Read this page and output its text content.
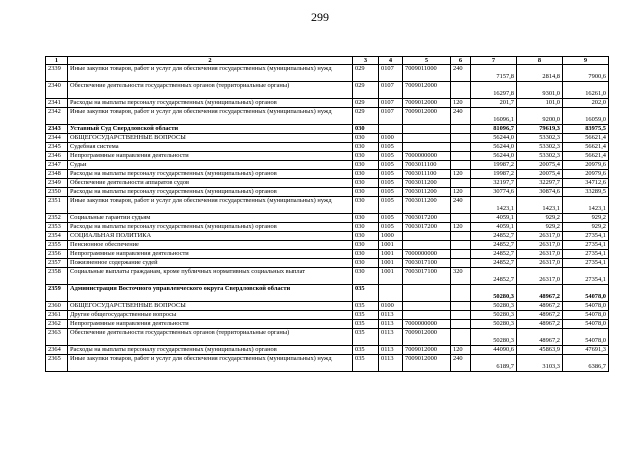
299
1	2	3	4	5	6	7	8	9
2339	Иные закупки товаров, работ и услуг для обеспечения государственных (муниципальных) нужд	029	0107	7009011000	240	7157,8	2814,8	7900,6
2340	Обеспечение деятельности государственных органов (территориальные органы)	029	0107	7009012000		16297,8	9301,0	16261,0
2341	Расходы на выплаты персоналу государственных (муниципальных) органов	029	0107	7009012000	120	201,7	101,0	202,0
2342	Иные закупки товаров, работ и услуг для обеспечения государственных (муниципальных) нужд	029	0107	7009012000	240	16096,1	9200,0	16059,0
2343	Уставный Суд Свердловской области	030				81096,7	79619,3	83975,5
2344	ОБЩЕГОСУДАРСТВЕННЫЕ ВОПРОСЫ	030	0100			56244,0	53302,3	56621,4
2345	Судебная система	030	0105			56244,0	53302,3	56621,4
2346	Непрограммные направления деятельности	030	0105	7000000000		56244,0	53302,3	56621,4
2347	Судьи	030	0105	7003011100		19987,2	20075,4	20979,6
2348	Расходы на выплаты персоналу государственных (муниципальных) органов	030	0105	7003011100	120	19987,2	20075,4	20979,6
2349	Обеспечение деятельности аппаратов судов	030	0105	7003011200		32197,7	32297,7	34712,6
2350	Расходы на выплаты персоналу государственных (муниципальных) органов	030	0105	7003011200	120	30774,6	30874,6	33289,5
2351	Иные закупки товаров, работ и услуг для обеспечения государственных (муниципальных) нужд	030	0105	7003011200	240	1423,1	1423,1	1423,1
2352	Социальные гарантии судьям	030	0105	7003017200		4059,1	929,2	929,2
2353	Расходы на выплаты персоналу государственных (муниципальных) органов	030	0105	7003017200	120	4059,1	929,2	929,2
2354	СОЦИАЛЬНАЯ ПОЛИТИКА	030	1000			24852,7	26317,0	27354,1
2355	Пенсионное обеспечение	030	1001			24852,7	26317,0	27354,1
2356	Непрограммные направления деятельности	030	1001	7000000000		24852,7	26317,0	27354,1
2357	Пожизненное содержание судей	030	1001	7003017100		24852,7	26317,0	27354,1
2358	Социальные выплаты гражданам, кроме публичных нормативных социальных выплат	030	1001	7003017100	320	24852,7	26317,0	27354,1
2359	Администрация Восточного управленческого округа Свердловской области	035				50280,3	48967,2	54078,0
2360	ОБЩЕГОСУДАРСТВЕННЫЕ ВОПРОСЫ	035	0100			50280,3	48967,2	54078,0
2361	Другие общегосударственные вопросы	035	0113			50280,3	48967,2	54078,0
2362	Непрограммные направления деятельности	035	0113	7000000000		50280,3	48967,2	54078,0
2363	Обеспечение деятельности государственных органов (территориальные органы)	035	0113	7009012000		50280,3	48967,2	54078,0
2364	Расходы на выплаты персоналу государственных (муниципальных) органов	035	0113	7009012000	120	44090,6	45863,9	47691,3
2365	Иные закупки товаров, работ и услуг для обеспечения государственных (муниципальных) нужд	035	0113	7009012000	240	6189,7	3103,3	6386,7
